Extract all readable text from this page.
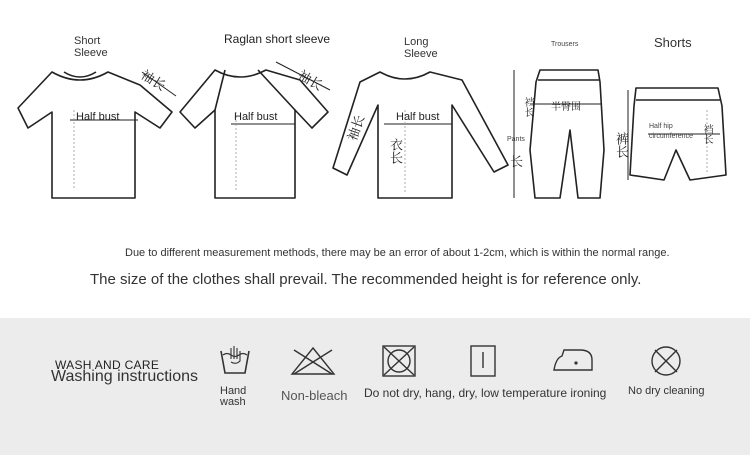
Short
Sleeve
袖长
Half bust
Raglan short sleeve
袖长
Half bust
Long
Sleeve
袖长	Half bust
衣长
Trousers
裆长 半臀围
Pants
长
Shorts
Half hip circumference
裤长	裆长
Due to different measurement methods, there may be an error of about 1-2cm, which is within the normal range.
The size of the clothes shall prevail. The recommended height is for reference only.
WASH AND CARE
Washing instructions
Hand
wash	Non-bleach Do not dry, hang, dry, low temperature ironing No dry cleaning
